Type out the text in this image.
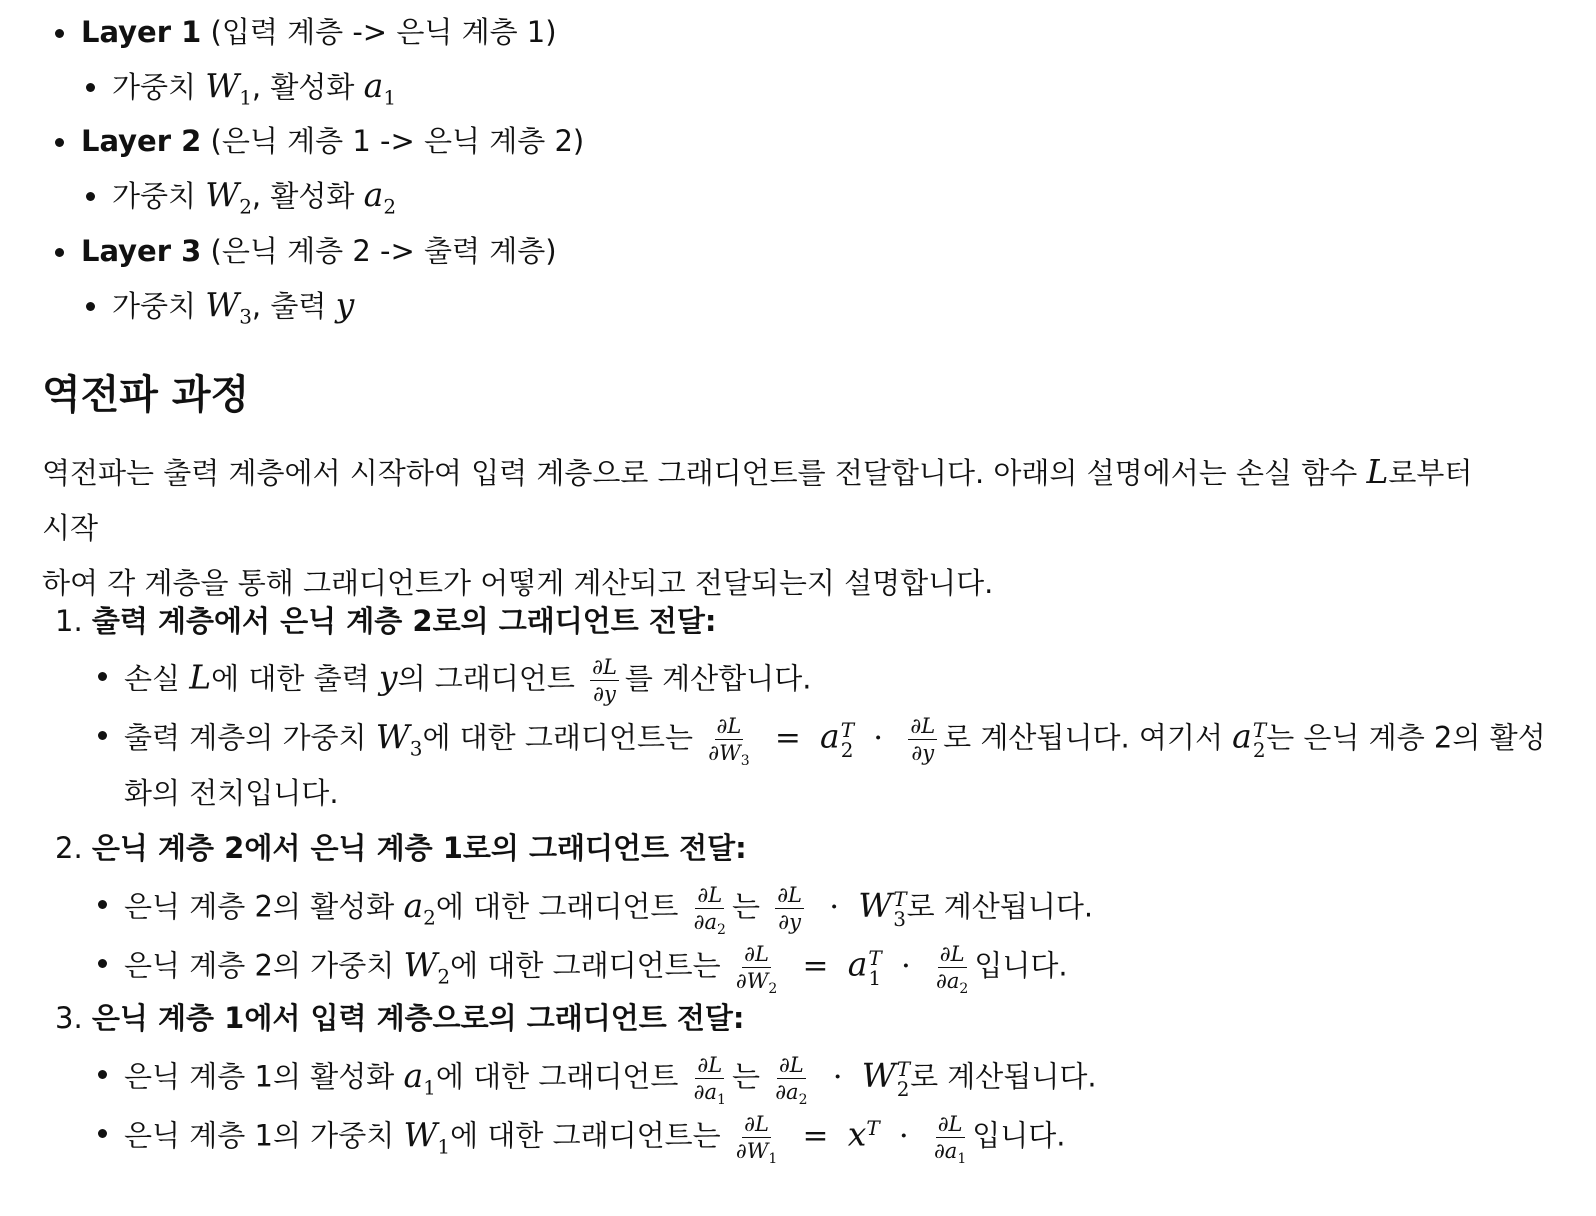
Layer 1 (입력 계층 -> 은닉 계층 1)
가중치 $W_1$, 활성화 $a_1$
Layer 2 (은닉 계층 1 -> 은닉 계층 2)
가중치 $W_2$, 활성화 $a_2$
Layer 3 (은닉 계층 2 -> 출력 계층)
가중치 $W_3$, 출력 y
역전파 과정
역전파는 출력 계층에서 시작하여 입력 계층으로 그래디언트를 전달합니다. 아래의 설명에서는 손실 함수 L로부터 시작
하여 각 계층을 통해 그래디언트가 어떻게 계산되고 전달되는지 설명합니다.
1. 출력 계층에서 은닉 계층 2로의 그래디언트 전달:
손실 L에 대한 출력 y의 그래디언트 $\frac{\partial L}{\partial y}$ 를 계산합니다.
출력 계층의 가중치 $W_3$에 대한 그래디언트는 $\frac{\partial L}{\partial W_3} = a$ T
$2 \cdot \frac{\partial L}{\partial y}$ 로 계산됩니다. 여기서 a T
2 는 은닉 계층 2의 활성
화의 전치입니다.
2. 은닉 계층 2에서 은닉 계층 1로의 그래디언트 전달:
은닉 계층 2의 활성화 $a_2$에 대한 그래디언트 $\frac{\partial L}{\partial a_2}$ 는 $\frac{\partial L}{\partial y} \cdot W$ T
3 로 계산됩니다.
은닉 계층 2의 가중치 $W_2$에 대한 그래디언트는 $\frac{\partial L}{\partial W_2} = a$ T
$1 \cdot \frac{\partial L}{\partial a_2}$ 입니다.
3. 은닉 계층 1에서 입력 계층으로의 그래디언트 전달:
은닉 계층 1의 활성화 $a_1$에 대한 그래디언트 $\frac{\partial L}{\partial a_1}$ 는 $\frac{\partial L}{\partial a_2} \cdot W$ T
2 로 계산됩니다.
은닉 계층 1의 가중치 $W_1$에 대한 그래디언트는 $\frac{\partial L}{\partial W_1} = x^T \cdot \frac{\partial L}{\partial a_1}$ 입니다.
